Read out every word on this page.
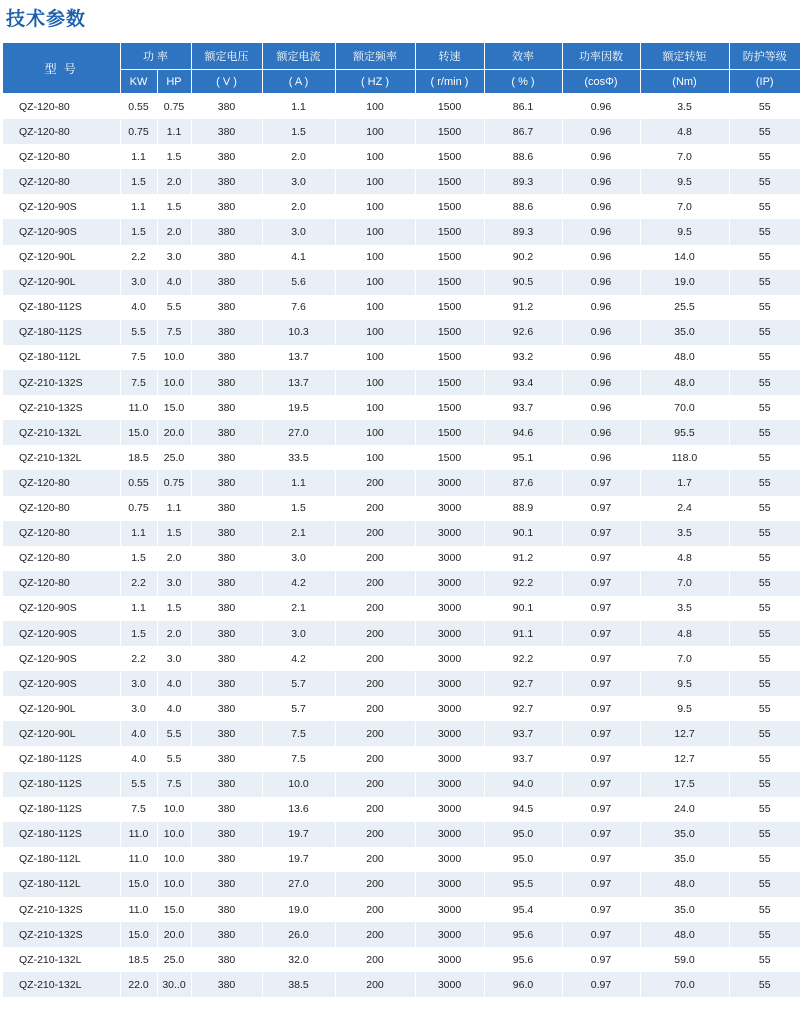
技术参数
型 号	功 率		额定电压	额定电流	额定频率	转速	效率	功率因数	额定转矩	防护等级
	KW	HP	( V )	( A )	( HZ )	( r/min )	( % )	(cosΦ)	(Nm)	(IP)
QZ-120-80	0.55	0.75	380	1.1	100	1500	86.1	0.96	3.5	55
QZ-120-80	0.75	1.1	380	1.5	100	1500	86.7	0.96	4.8	55
QZ-120-80	1.1	1.5	380	2.0	100	1500	88.6	0.96	7.0	55
QZ-120-80	1.5	2.0	380	3.0	100	1500	89.3	0.96	9.5	55
QZ-120-90S	1.1	1.5	380	2.0	100	1500	88.6	0.96	7.0	55
QZ-120-90S	1.5	2.0	380	3.0	100	1500	89.3	0.96	9.5	55
QZ-120-90L	2.2	3.0	380	4.1	100	1500	90.2	0.96	14.0	55
QZ-120-90L	3.0	4.0	380	5.6	100	1500	90.5	0.96	19.0	55
QZ-180-112S	4.0	5.5	380	7.6	100	1500	91.2	0.96	25.5	55
QZ-180-112S	5.5	7.5	380	10.3	100	1500	92.6	0.96	35.0	55
QZ-180-112L	7.5	10.0	380	13.7	100	1500	93.2	0.96	48.0	55
QZ-210-132S	7.5	10.0	380	13.7	100	1500	93.4	0.96	48.0	55
QZ-210-132S	11.0	15.0	380	19.5	100	1500	93.7	0.96	70.0	55
QZ-210-132L	15.0	20.0	380	27.0	100	1500	94.6	0.96	95.5	55
QZ-210-132L	18.5	25.0	380	33.5	100	1500	95.1	0.96	118.0	55
QZ-120-80	0.55	0.75	380	1.1	200	3000	87.6	0.97	1.7	55
QZ-120-80	0.75	1.1	380	1.5	200	3000	88.9	0.97	2.4	55
QZ-120-80	1.1	1.5	380	2.1	200	3000	90.1	0.97	3.5	55
QZ-120-80	1.5	2.0	380	3.0	200	3000	91.2	0.97	4.8	55
QZ-120-80	2.2	3.0	380	4.2	200	3000	92.2	0.97	7.0	55
QZ-120-90S	1.1	1.5	380	2.1	200	3000	90.1	0.97	3.5	55
QZ-120-90S	1.5	2.0	380	3.0	200	3000	91.1	0.97	4.8	55
QZ-120-90S	2.2	3.0	380	4.2	200	3000	92.2	0.97	7.0	55
QZ-120-90S	3.0	4.0	380	5.7	200	3000	92.7	0.97	9.5	55
QZ-120-90L	3.0	4.0	380	5.7	200	3000	92.7	0.97	9.5	55
QZ-120-90L	4.0	5.5	380	7.5	200	3000	93.7	0.97	12.7	55
QZ-180-112S	4.0	5.5	380	7.5	200	3000	93.7	0.97	12.7	55
QZ-180-112S	5.5	7.5	380	10.0	200	3000	94.0	0.97	17.5	55
QZ-180-112S	7.5	10.0	380	13.6	200	3000	94.5	0.97	24.0	55
QZ-180-112S	11.0	10.0	380	19.7	200	3000	95.0	0.97	35.0	55
QZ-180-112L	11.0	10.0	380	19.7	200	3000	95.0	0.97	35.0	55
QZ-180-112L	15.0	10.0	380	27.0	200	3000	95.5	0.97	48.0	55
QZ-210-132S	11.0	15.0	380	19.0	200	3000	95.4	0.97	35.0	55
QZ-210-132S	15.0	20.0	380	26.0	200	3000	95.6	0.97	48.0	55
QZ-210-132L	18.5	25.0	380	32.0	200	3000	95.6	0.97	59.0	55
QZ-210-132L	22.0	30..0	380	38.5	200	3000	96.0	0.97	70.0	55
